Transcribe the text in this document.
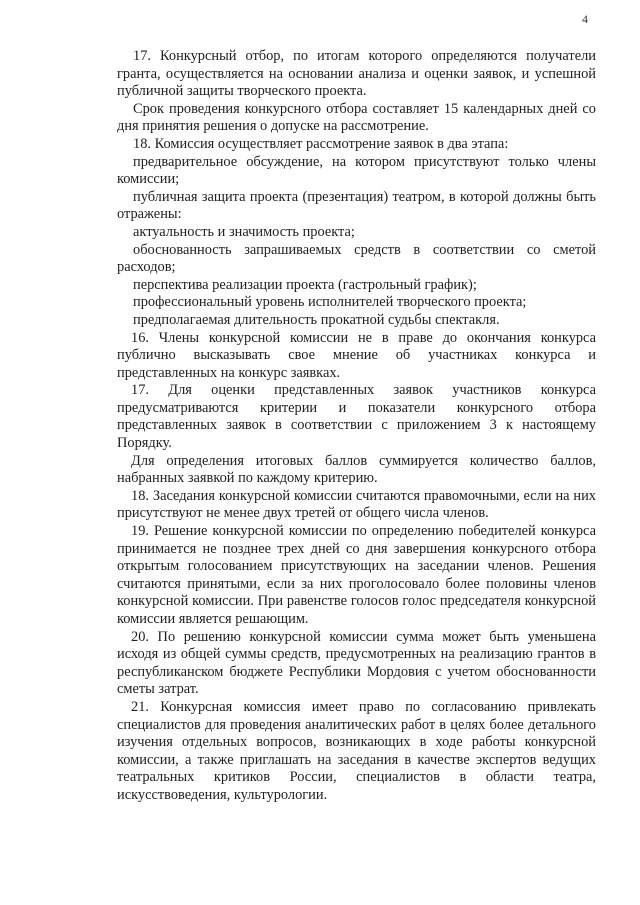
4

17. Конкурсный отбор, по итогам которого определяются получатели гранта, осуществляется на основании анализа и оценки заявок, и успешной публичной защиты творческого проекта.

Срок проведения конкурсного отбора составляет 15 календарных дней со дня принятия решения о допуске на рассмотрение.

18. Комиссия осуществляет рассмотрение заявок в два этапа:

предварительное обсуждение, на котором присутствуют только члены комиссии;

публичная защита проекта (презентация) театром, в которой должны быть отражены:

актуальность и значимость проекта;

обоснованность запрашиваемых средств в соответствии со сметой расходов;

перспектива реализации проекта (гастрольный график);

профессиональный уровень исполнителей творческого проекта;

предполагаемая длительность прокатной судьбы спектакля.

16. Члены конкурсной комиссии не в праве до окончания конкурса публично высказывать свое мнение об участниках конкурса и представленных на конкурс заявках.

17. Для оценки представленных заявок участников конкурса предусматриваются критерии и показатели конкурсного отбора представленных заявок в соответствии с приложением 3 к настоящему Порядку.

Для определения итоговых баллов суммируется количество баллов, набранных заявкой по каждому критерию.

18. Заседания конкурсной комиссии считаются правомочными, если на них присутствуют не менее двух третей от общего числа членов.

19. Решение конкурсной комиссии по определению победителей конкурса принимается не позднее трех дней со дня завершения конкурсного отбора открытым голосованием присутствующих на заседании членов. Решения считаются принятыми, если за них проголосовало более половины членов конкурсной комиссии. При равенстве голосов голос председателя конкурсной комиссии является решающим.

20. По решению конкурсной комиссии сумма может быть уменьшена исходя из общей суммы средств, предусмотренных на реализацию грантов в республиканском бюджете Республики Мордовия с учетом обоснованности сметы затрат.

21. Конкурсная комиссия имеет право по согласованию привлекать специалистов для проведения аналитических работ в целях более детального изучения отдельных вопросов, возникающих в ходе работы конкурсной комиссии, а также приглашать на заседания в качестве экспертов ведущих театральных критиков России, специалистов в области театра, искусствоведения, культурологии.
